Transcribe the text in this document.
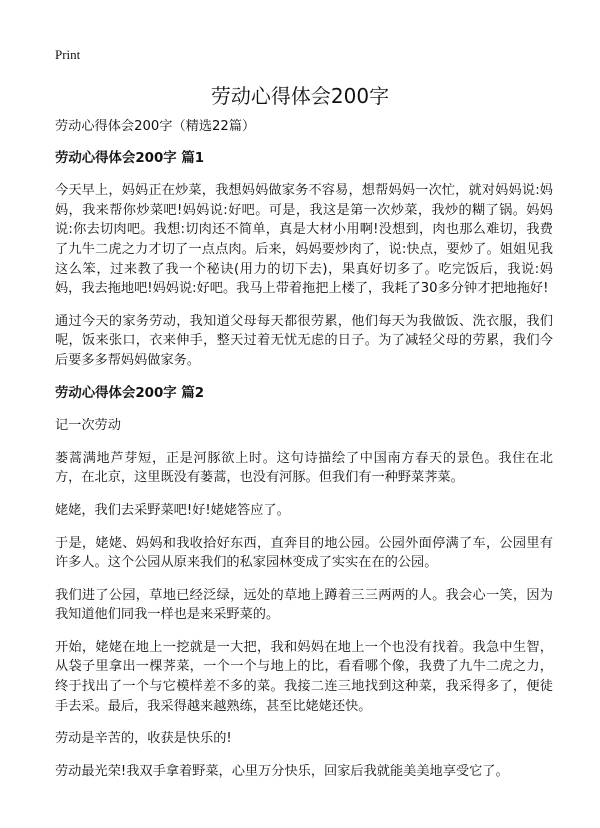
Print
劳动心得体会200字

劳动心得体会200字（精选22篇）

劳动心得体会200字 篇1

今天早上，妈妈正在炒菜，我想妈妈做家务不容易，想帮妈妈一次忙，就对妈妈说:妈妈，我来帮你炒菜吧!妈妈说:好吧。可是，我这是第一次炒菜，我炒的糊了锅。妈妈说:你去切肉吧。我想:切肉还不简单，真是大材小用啊!没想到，肉也那么难切，我费了九牛二虎之力才切了一点点肉。后来，妈妈要炒肉了，说:快点，要炒了。姐姐见我这么笨，过来教了我一个秘诀(用力的切下去)，果真好切多了。吃完饭后，我说:妈妈，我去拖地吧!妈妈说:好吧。我马上带着拖把上楼了，我耗了30多分钟才把地拖好!

通过今天的家务劳动，我知道父母每天都很劳累，他们每天为我做饭、洗衣服，我们呢，饭来张口，衣来伸手，整天过着无忧无虑的日子。为了减轻父母的劳累，我们今后要多多帮妈妈做家务。

劳动心得体会200字 篇2

记一次劳动

蒌蒿满地芦芽短，正是河豚欲上时。这句诗描绘了中国南方春天的景色。我住在北方，在北京，这里既没有蒌蒿，也没有河豚。但我们有一种野菜荠菜。

姥姥，我们去采野菜吧!好!姥姥答应了。

于是，姥姥、妈妈和我收拾好东西，直奔目的地公园。公园外面停满了车，公园里有许多人。这个公园从原来我们的私家园林变成了实实在在的公园。

我们进了公园，草地已经泛绿，远处的草地上蹲着三三两两的人。我会心一笑，因为我知道他们同我一样也是来采野菜的。

开始，姥姥在地上一挖就是一大把，我和妈妈在地上一个也没有找着。我急中生智，从袋子里拿出一棵荠菜，一个一个与地上的比，看看哪个像，我费了九牛二虎之力，终于找出了一个与它模样差不多的菜。我接二连三地找到这种菜，我采得多了，便徒手去采。最后，我采得越来越熟练，甚至比姥姥还快。

劳动是辛苦的，收获是快乐的!

劳动最光荣!我双手拿着野菜，心里万分快乐，回家后我就能美美地享受它了。
